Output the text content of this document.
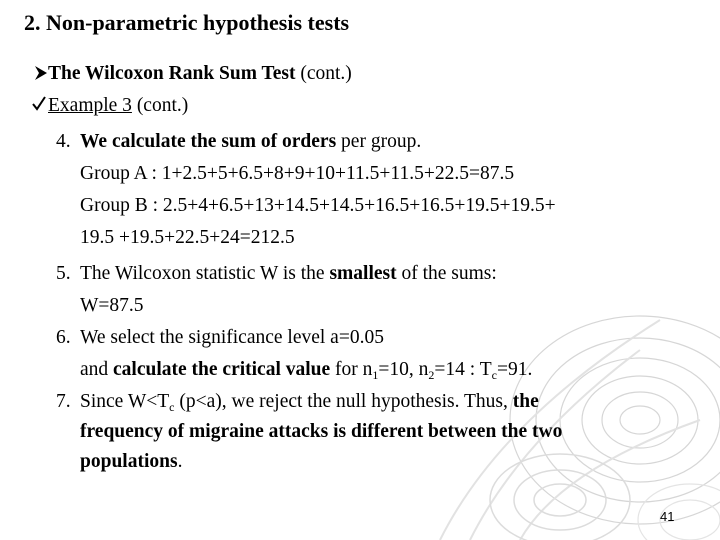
2. Non-parametric hypothesis tests
The Wilcoxon Rank Sum Test (cont.)
Example 3 (cont.)
4. We calculate the sum of orders per group.
Group A : 1+2.5+5+6.5+8+9+10+11.5+11.5+22.5=87.5
Group B : 2.5+4+6.5+13+14.5+14.5+16.5+16.5+19.5+19.5+
19.5 +19.5+22.5+24=212.5
5. The Wilcoxon statistic W is the smallest of the sums:
W=87.5
6. We select the significance level a=0.05
and calculate the critical value for $n_1=10$, $n_2=14$ : $T_c=91$.
7. Since $W<T_c$ (p<a), we reject the null hypothesis. Thus, the
frequency of migraine attacks is different between the two
populations.
41
